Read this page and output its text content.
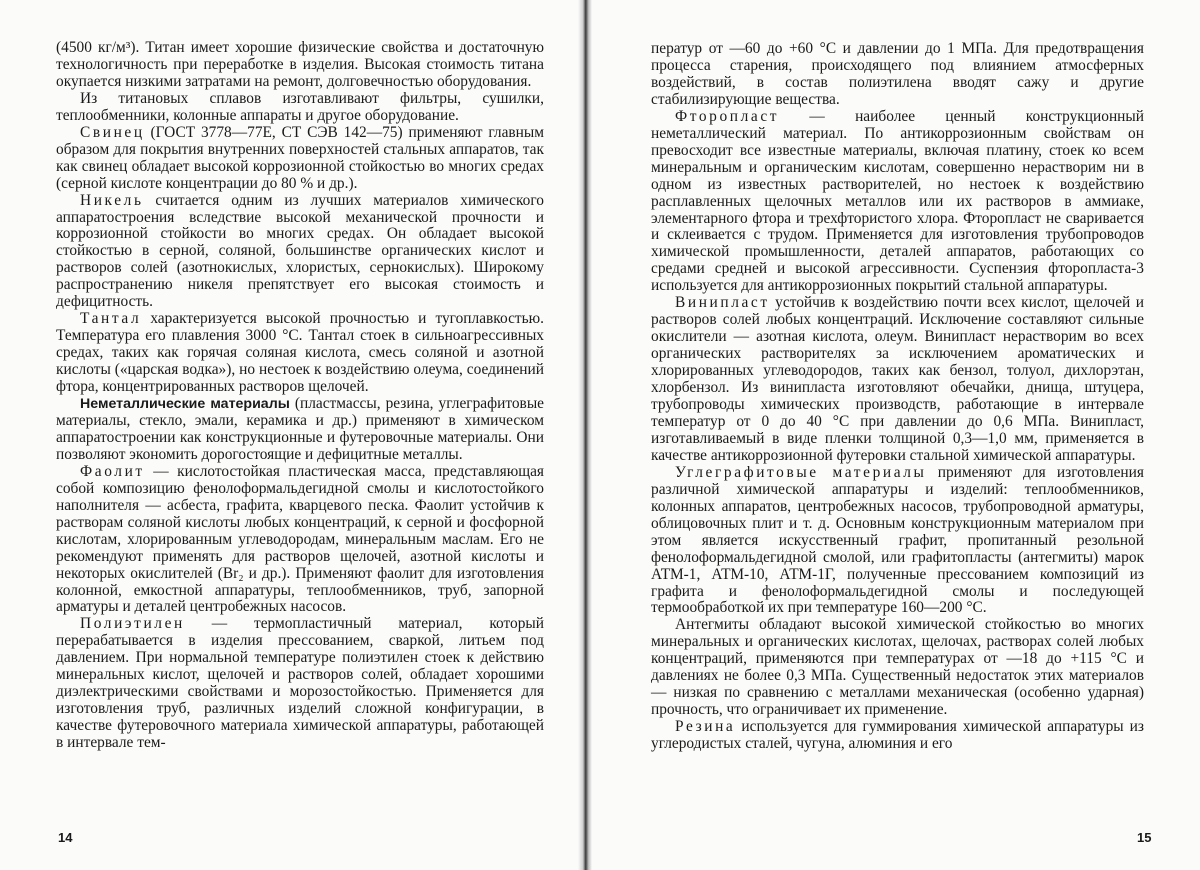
(4500 кг/м³). Титан имеет хорошие физические свойства и достаточную технологичность при переработке в изделия. Высокая стоимость титана окупается низкими затратами на ремонт, долговечностью оборудования.

Из титановых сплавов изготавливают фильтры, сушилки, теплообменники, колонные аппараты и другое оборудование.

Свинец (ГОСТ 3778—77Е, СТ СЭВ 142—75) применяют главным образом для покрытия внутренних поверхностей стальных аппаратов, так как свинец обладает высокой коррозионной стойкостью во многих средах (серной кислоте концентрации до 80 % и др.).

Никель считается одним из лучших материалов химического аппаратостроения вследствие высокой механической прочности и коррозионной стойкости во многих средах. Он обладает высокой стойкостью в серной, соляной, большинстве органических кислот и растворов солей (азотнокислых, хлористых, сернокислых). Широкому распространению никеля препятствует его высокая стоимость и дефицитность.

Тантал характеризуется высокой прочностью и тугоплавкостью. Температура его плавления 3000 °С. Тантал стоек в сильноагрессивных средах, таких как горячая соляная кислота, смесь соляной и азотной кислоты («царская водка»), но нестоек к воздействию олеума, соединений фтора, концентрированных растворов щелочей.

Неметаллические материалы (пластмассы, резина, углеграфитовые материалы, стекло, эмали, керамика и др.) применяют в химическом аппаратостроении как конструкционные и футеровочные материалы. Они позволяют экономить дорогостоящие и дефицитные металлы.

Фаолит — кислотостойкая пластическая масса, представляющая собой композицию фенолоформальдегидной смолы и кислотостойкого наполнителя — асбеста, графита, кварцевого песка. Фаолит устойчив к растворам соляной кислоты любых концентраций, к серной и фосфорной кислотам, хлорированным углеводородам, минеральным маслам. Его не рекомендуют применять для растворов щелочей, азотной кислоты и некоторых окислителей (Br₂ и др.). Применяют фаолит для изготовления колонной, емкостной аппаратуры, теплообменников, труб, запорной арматуры и деталей центробежных насосов.

Полиэтилен — термопластичный материал, который перерабатывается в изделия прессованием, сваркой, литьем под давлением. При нормальной температуре полиэтилен стоек к действию минеральных кислот, щелочей и растворов солей, обладает хорошими диэлектрическими свойствами и морозостойкостью. Применяется для изготовления труб, различных изделий сложной конфигурации, в качестве футеровочного материала химической аппаратуры, работающей в интервале тем-

14

ператур от —60 до +60 °С и давлении до 1 МПа. Для предотвращения процесса старения, происходящего под влиянием атмосферных воздействий, в состав полиэтилена вводят сажу и другие стабилизирующие вещества.

Фторопласт — наиболее ценный конструкционный неметаллический материал. По антикоррозионным свойствам он превосходит все известные материалы, включая платину, стоек ко всем минеральным и органическим кислотам, совершенно нерастворим ни в одном из известных растворителей, но нестоек к воздействию расплавленных щелочных металлов или их растворов в аммиаке, элементарного фтора и трехфтористого хлора. Фторопласт не сваривается и склеивается с трудом. Применяется для изготовления трубопроводов химической промышленности, деталей аппаратов, работающих со средами средней и высокой агрессивности. Суспензия фторопласта-3 используется для антикоррозионных покрытий стальной аппаратуры.

Винипласт устойчив к воздействию почти всех кислот, щелочей и растворов солей любых концентраций. Исключение составляют сильные окислители — азотная кислота, олеум. Винипласт нерастворим во всех органических растворителях за исключением ароматических и хлорированных углеводородов, таких как бензол, толуол, дихлорэтан, хлорбензол. Из винипласта изготовляют обечайки, днища, штуцера, трубопроводы химических производств, работающие в интервале температур от 0 до 40 °С при давлении до 0,6 МПа. Винипласт, изготавливаемый в виде пленки толщиной 0,3—1,0 мм, применяется в качестве антикоррозионной футеровки стальной химической аппаратуры.

Углеграфитовые материалы применяют для изготовления различной химической аппаратуры и изделий: теплообменников, колонных аппаратов, центробежных насосов, трубопроводной арматуры, облицовочных плит и т. д. Основным конструкционным материалом при этом является искусственный графит, пропитанный резольной фенолоформальдегидной смолой, или графитопласты (антегмиты) марок АТМ-1, АТМ-10, АТМ-1Г, полученные прессованием композиций из графита и фенолоформальдегидной смолы и последующей термообработкой их при температуре 160—200 °С.

Антегмиты обладают высокой химической стойкостью во многих минеральных и органических кислотах, щелочах, растворах солей любых концентраций, применяются при температурах от —18 до +115 °С и давлениях не более 0,3 МПа. Существенный недостаток этих материалов — низкая по сравнению с металлами механическая (особенно ударная) прочность, что ограничивает их применение.

Резина используется для гуммирования химической аппаратуры из углеродистых сталей, чугуна, алюминия и его

15
